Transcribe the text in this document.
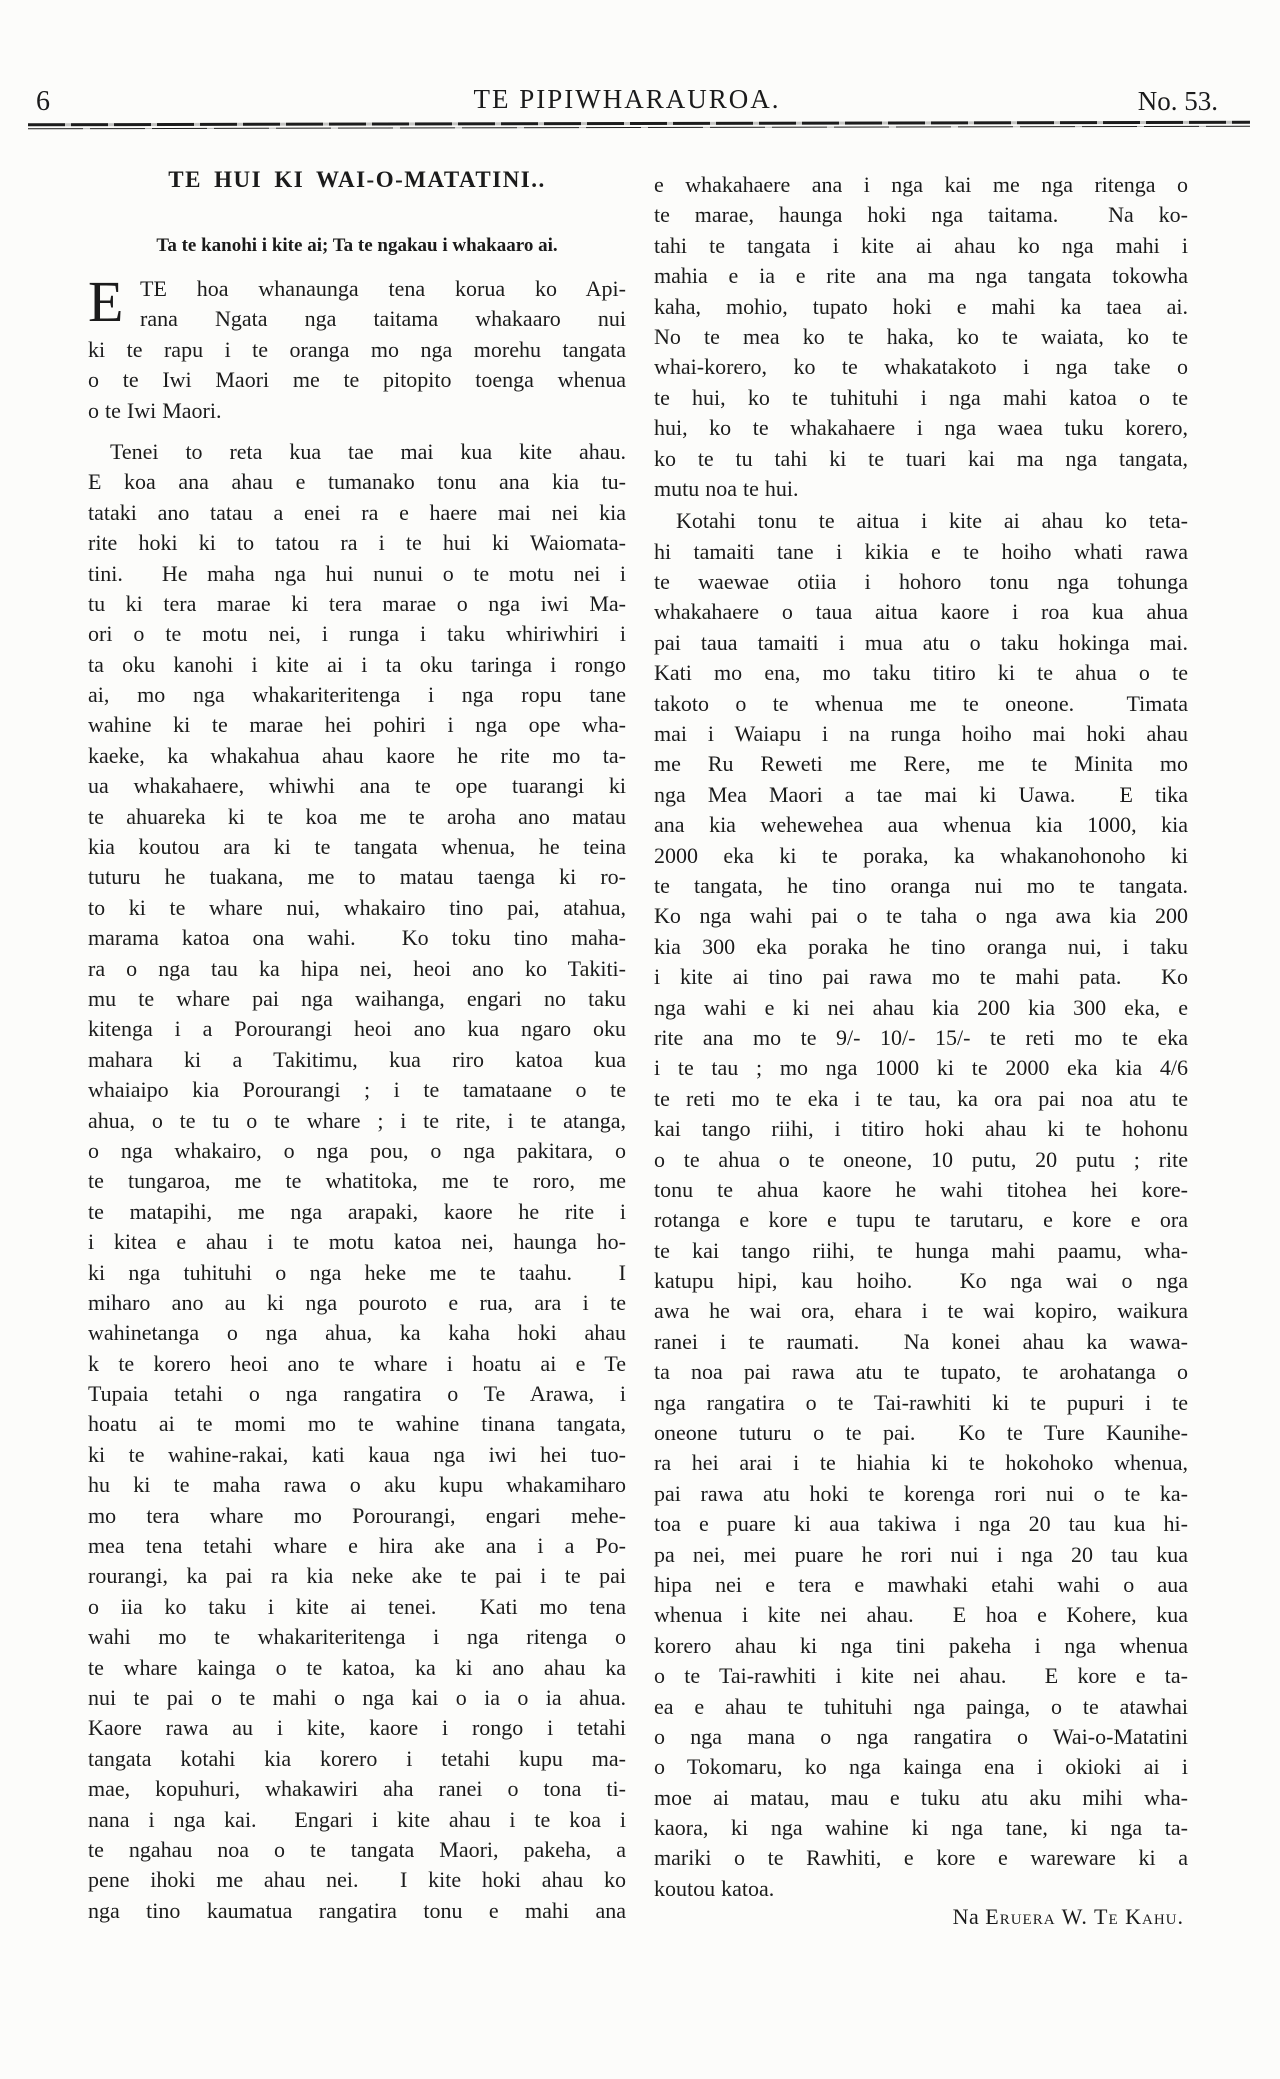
6	TE PIPIWHARAUROA.	No. 53.
TE HUI KI WAI-O-MATATINI..
Ta te kanohi i kite ai; Ta te ngakau i whakaaro ai.
E TE hoa whanaunga tena korua ko Api-
rana Ngata nga taitama whakaaro nui
ki te rapu i te oranga mo nga morehu tangata
o te Iwi Maori me te pitopito toenga whenua
o te Iwi Maori.
Tenei to reta kua tae mai kua kite ahau.
E koa ana ahau e tumanako tonu ana kia tu-
tataki ano tatau a enei ra e haere mai nei kia
rite hoki ki to tatou ra i te hui ki Waiomata-
tini.  He maha nga hui nunui o te motu nei i
tu ki tera marae ki tera marae o nga iwi Ma-
ori o te motu nei, i runga i taku whiriwhiri i
ta oku kanohi i kite ai i ta oku taringa i rongo
ai, mo nga whakariteritenga i nga ropu tane
wahine ki te marae hei pohiri i nga ope wha-
kaeke, ka whakahua ahau kaore he rite mo ta-
ua whakahaere, whiwhi ana te ope tuarangi ki
te ahuareka ki te koa me te aroha ano matau
kia koutou ara ki te tangata whenua, he teina
tuturu he tuakana, me to matau taenga ki ro-
to ki te whare nui, whakairo tino pai, atahua,
marama katoa ona wahi.  Ko toku tino maha-
ra o nga tau ka hipa nei, heoi ano ko Takiti-
mu te whare pai nga waihanga, engari no taku
kitenga i a Porourangi heoi ano kua ngaro oku
mahara ki a Takitimu, kua riro katoa kua
whaiaipo kia Porourangi ; i te tamataane o te
ahua, o te tu o te whare ; i te rite, i te atanga,
o nga whakairo, o nga pou, o nga pakitara, o
te tungaroa, me te whatitoka, me te roro, me
te matapihi, me nga arapaki, kaore he rite i
i kitea e ahau i te motu katoa nei, haunga ho-
ki nga tuhituhi o nga heke me te taahu.  I
miharo ano au ki nga pouroto e rua, ara i te
wahinetanga o nga ahua, ka kaha hoki ahau
k te korero heoi ano te whare i hoatu ai e Te
Tupaia tetahi o nga rangatira o Te Arawa, i
hoatu ai te momi mo te wahine tinana tangata,
ki te wahine-rakai, kati kaua nga iwi hei tuo-
hu ki te maha rawa o aku kupu whakamiharo
mo tera whare mo Porourangi, engari mehe-
mea tena tetahi whare e hira ake ana i a Po-
rourangi, ka pai ra kia neke ake te pai i te pai
o iia ko taku i kite ai tenei.  Kati mo tena
wahi mo te whakariteritenga i nga ritenga o
te whare kainga o te katoa, ka ki ano ahau ka
nui te pai o te mahi o nga kai o ia o ia ahua.
Kaore rawa au i kite, kaore i rongo i tetahi
tangata kotahi kia korero i tetahi kupu ma-
mae, kopuhuri, whakawiri aha ranei o tona ti-
nana i nga kai.  Engari i kite ahau i te koa i
te ngahau noa o te tangata Maori, pakeha, a
pene ihoki me ahau nei.  I kite hoki ahau ko
nga tino kaumatua rangatira tonu e mahi ana
e whakahaere ana i nga kai me nga ritenga o
te marae, haunga hoki nga taitama.  Na ko-
tahi te tangata i kite ai ahau ko nga mahi i
mahia e ia e rite ana ma nga tangata tokowha
kaha, mohio, tupato hoki e mahi ka taea ai.
No te mea ko te haka, ko te waiata, ko te
whai-korero, ko te whakatakoto i nga take o
te hui, ko te tuhituhi i nga mahi katoa o te
hui, ko te whakahaere i nga waea tuku korero,
ko te tu tahi ki te tuari kai ma nga tangata,
mutu noa te hui.
Kotahi tonu te aitua i kite ai ahau ko teta-
hi tamaiti tane i kikia e te hoiho whati rawa
te waewae otiia i hohoro tonu nga tohunga
whakahaere o taua aitua kaore i roa kua ahua
pai taua tamaiti i mua atu o taku hokinga mai.
Kati mo ena, mo taku titiro ki te ahua o te
takoto o te whenua me te oneone.  Timata
mai i Waiapu i na runga hoiho mai hoki ahau
me Ru Reweti me Rere, me te Minita mo
nga Mea Maori a tae mai ki Uawa.  E tika
ana kia wehewehea aua whenua kia 1000, kia
2000 eka ki te poraka, ka whakanohonoho ki
te tangata, he tino oranga nui mo te tangata.
Ko nga wahi pai o te taha o nga awa kia 200
kia 300 eka poraka he tino oranga nui, i taku
i kite ai tino pai rawa mo te mahi pata.  Ko
nga wahi e ki nei ahau kia 200 kia 300 eka, e
rite ana mo te 9/- 10/- 15/- te reti mo te eka
i te tau ; mo nga 1000 ki te 2000 eka kia 4/6
te reti mo te eka i te tau, ka ora pai noa atu te
kai tango riihi, i titiro hoki ahau ki te hohonu
o te ahua o te oneone, 10 putu, 20 putu ; rite
tonu te ahua kaore he wahi titohea hei kore-
rotanga e kore e tupu te tarutaru, e kore e ora
te kai tango riihi, te hunga mahi paamu, wha-
katupu hipi, kau hoiho.  Ko nga wai o nga
awa he wai ora, ehara i te wai kopiro, waikura
ranei i te raumati.  Na konei ahau ka wawa-
ta noa pai rawa atu te tupato, te arohatanga o
nga rangatira o te Tai-rawhiti ki te pupuri i te
oneone tuturu o te pai.  Ko te Ture Kaunihe-
ra hei arai i te hiahia ki te hokohoko whenua,
pai rawa atu hoki te korenga rori nui o te ka-
toa e puare ki aua takiwa i nga 20 tau kua hi-
pa nei, mei puare he rori nui i nga 20 tau kua
hipa nei e tera e mawhaki etahi wahi o aua
whenua i kite nei ahau.  E hoa e Kohere, kua
korero ahau ki nga tini pakeha i nga whenua
o te Tai-rawhiti i kite nei ahau.  E kore e ta-
ea e ahau te tuhituhi nga painga, o te atawhai
o nga mana o nga rangatira o Wai-o-Matatini
o Tokomaru, ko nga kainga ena i okioki ai i
moe ai matau, mau e tuku atu aku mihi wha-
kaora, ki nga wahine ki nga tane, ki nga ta-
mariki o te Rawhiti, e kore e wareware ki a
koutou katoa.
Na Eruera W. Te Kahu.
